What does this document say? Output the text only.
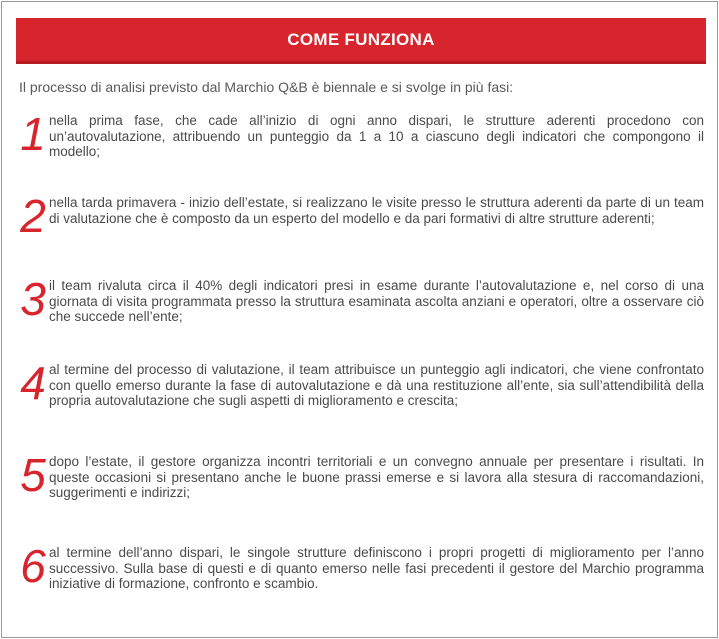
COME FUNZIONA

Il processo di analisi previsto dal Marchio Q&B è biennale e si svolge in più fasi:

1 nella prima fase, che cade all’inizio di ogni anno dispari, le strutture aderenti procedono con un’autovalutazione, attribuendo un punteggio da 1 a 10 a ciascuno degli indicatori che compongono il modello;

2 nella tarda primavera - inizio dell’estate, si realizzano le visite presso le struttura aderenti da parte di un team di valutazione che è composto da un esperto del modello e da pari formativi di altre strutture aderenti;

3 il team rivaluta circa il 40% degli indicatori presi in esame durante l’autovalutazione e, nel corso di una giornata di visita programmata presso la struttura esaminata ascolta anziani e operatori, oltre a osservare ciò che succede nell’ente;

4 al termine del processo di valutazione, il team attribuisce un punteggio agli indicatori, che viene confrontato con quello emerso durante la fase di autovalutazione e dà una restituzione all’ente, sia sull’attendibilità della propria autovalutazione che sugli aspetti di miglioramento e crescita;

5 dopo l’estate, il gestore organizza incontri territoriali e un convegno annuale per presentare i risultati. In queste occasioni si presentano anche le buone prassi emerse e si lavora alla stesura di raccomandazioni, suggerimenti e indirizzi;

6 al termine dell’anno dispari, le singole strutture definiscono i propri progetti di miglioramento per l’anno successivo. Sulla base di questi e di quanto emerso nelle fasi precedenti il gestore del Marchio programma iniziative di formazione, confronto e scambio.
